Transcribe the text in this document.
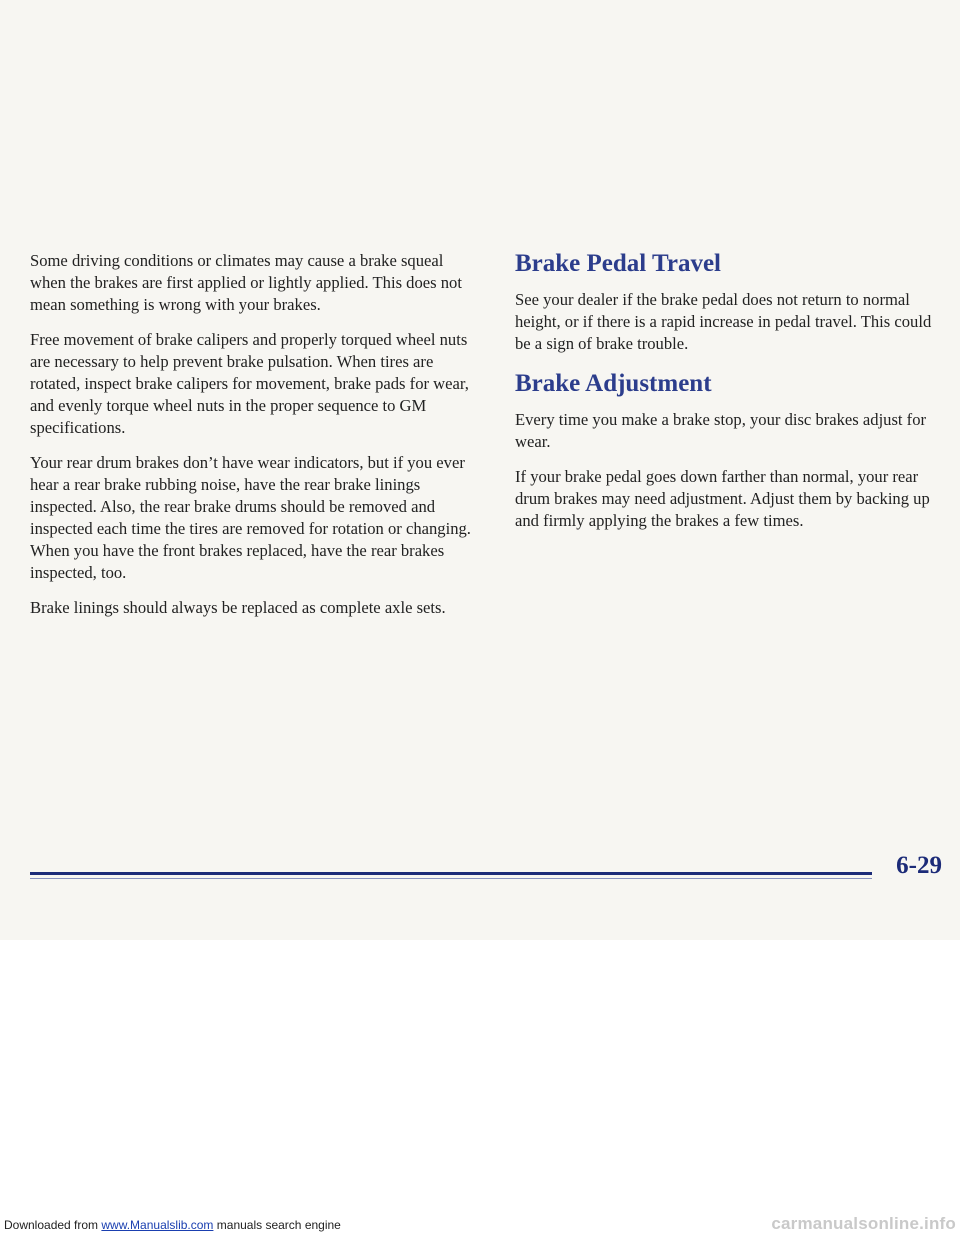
Some driving conditions or climates may cause a brake squeal when the brakes are first applied or lightly applied. This does not mean something is wrong with your brakes.

Free movement of brake calipers and properly torqued wheel nuts are necessary to help prevent brake pulsation. When tires are rotated, inspect brake calipers for movement, brake pads for wear, and evenly torque wheel nuts in the proper sequence to GM specifications.

Your rear drum brakes don’t have wear indicators, but if you ever hear a rear brake rubbing noise, have the rear brake linings inspected. Also, the rear brake drums should be removed and inspected each time the tires are removed for rotation or changing. When you have the front brakes replaced, have the rear brakes inspected, too.

Brake linings should always be replaced as complete axle sets.

Brake Pedal Travel

See your dealer if the brake pedal does not return to normal height, or if there is a rapid increase in pedal travel. This could be a sign of brake trouble.

Brake Adjustment

Every time you make a brake stop, your disc brakes adjust for wear.

If your brake pedal goes down farther than normal, your rear drum brakes may need adjustment. Adjust them by backing up and firmly applying the brakes a few times.

6-29
Downloaded from www.Manualslib.com manuals search engine	carmanualsonline.info
